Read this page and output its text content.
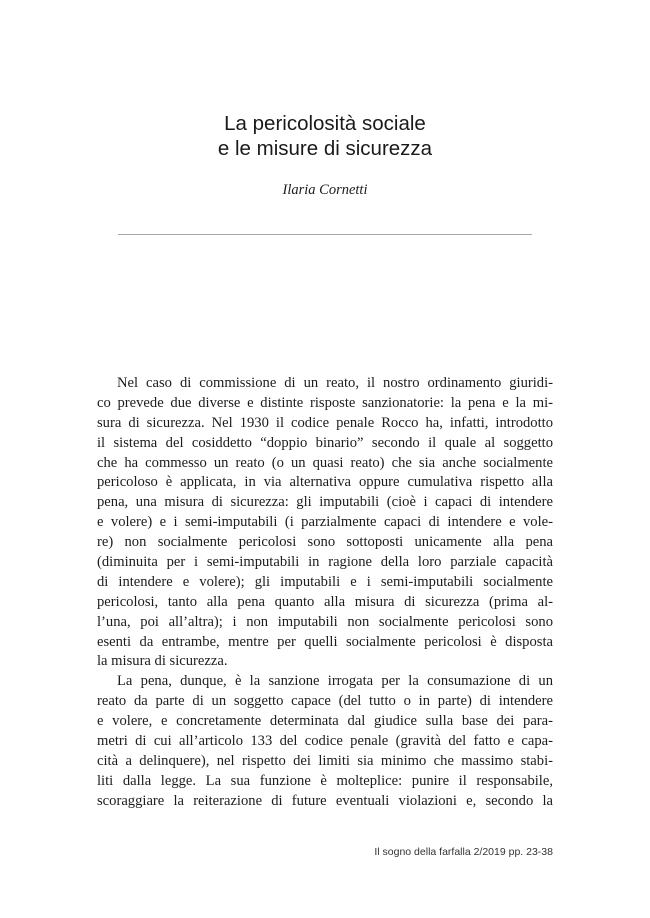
La pericolosità sociale
e le misure di sicurezza
Ilaria Cornetti
Nel caso di commissione di un reato, il nostro ordinamento giuridi-
co prevede due diverse e distinte risposte sanzionatorie: la pena e la mi-
sura di sicurezza. Nel 1930 il codice penale Rocco ha, infatti, introdotto
il sistema del cosiddetto “doppio binario” secondo il quale al soggetto
che ha commesso un reato (o un quasi reato) che sia anche socialmente
pericoloso è applicata, in via alternativa oppure cumulativa rispetto alla
pena, una misura di sicurezza: gli imputabili (cioè i capaci di intendere
e volere) e i semi-imputabili (i parzialmente capaci di intendere e vole-
re) non socialmente pericolosi sono sottoposti unicamente alla pena
(diminuita per i semi-imputabili in ragione della loro parziale capacità
di intendere e volere); gli imputabili e i semi-imputabili socialmente
pericolosi, tanto alla pena quanto alla misura di sicurezza (prima al-
l’una, poi all’altra); i non imputabili non socialmente pericolosi sono
esenti da entrambe, mentre per quelli socialmente pericolosi è disposta
la misura di sicurezza.
La pena, dunque, è la sanzione irrogata per la consumazione di un
reato da parte di un soggetto capace (del tutto o in parte) di intendere
e volere, e concretamente determinata dal giudice sulla base dei para-
metri di cui all’articolo 133 del codice penale (gravità del fatto e capa-
cità a delinquere), nel rispetto dei limiti sia minimo che massimo stabi-
liti dalla legge. La sua funzione è molteplice: punire il responsabile,
scoraggiare la reiterazione di future eventuali violazioni e, secondo la
Il sogno della farfalla 2/2019 pp. 23-38
